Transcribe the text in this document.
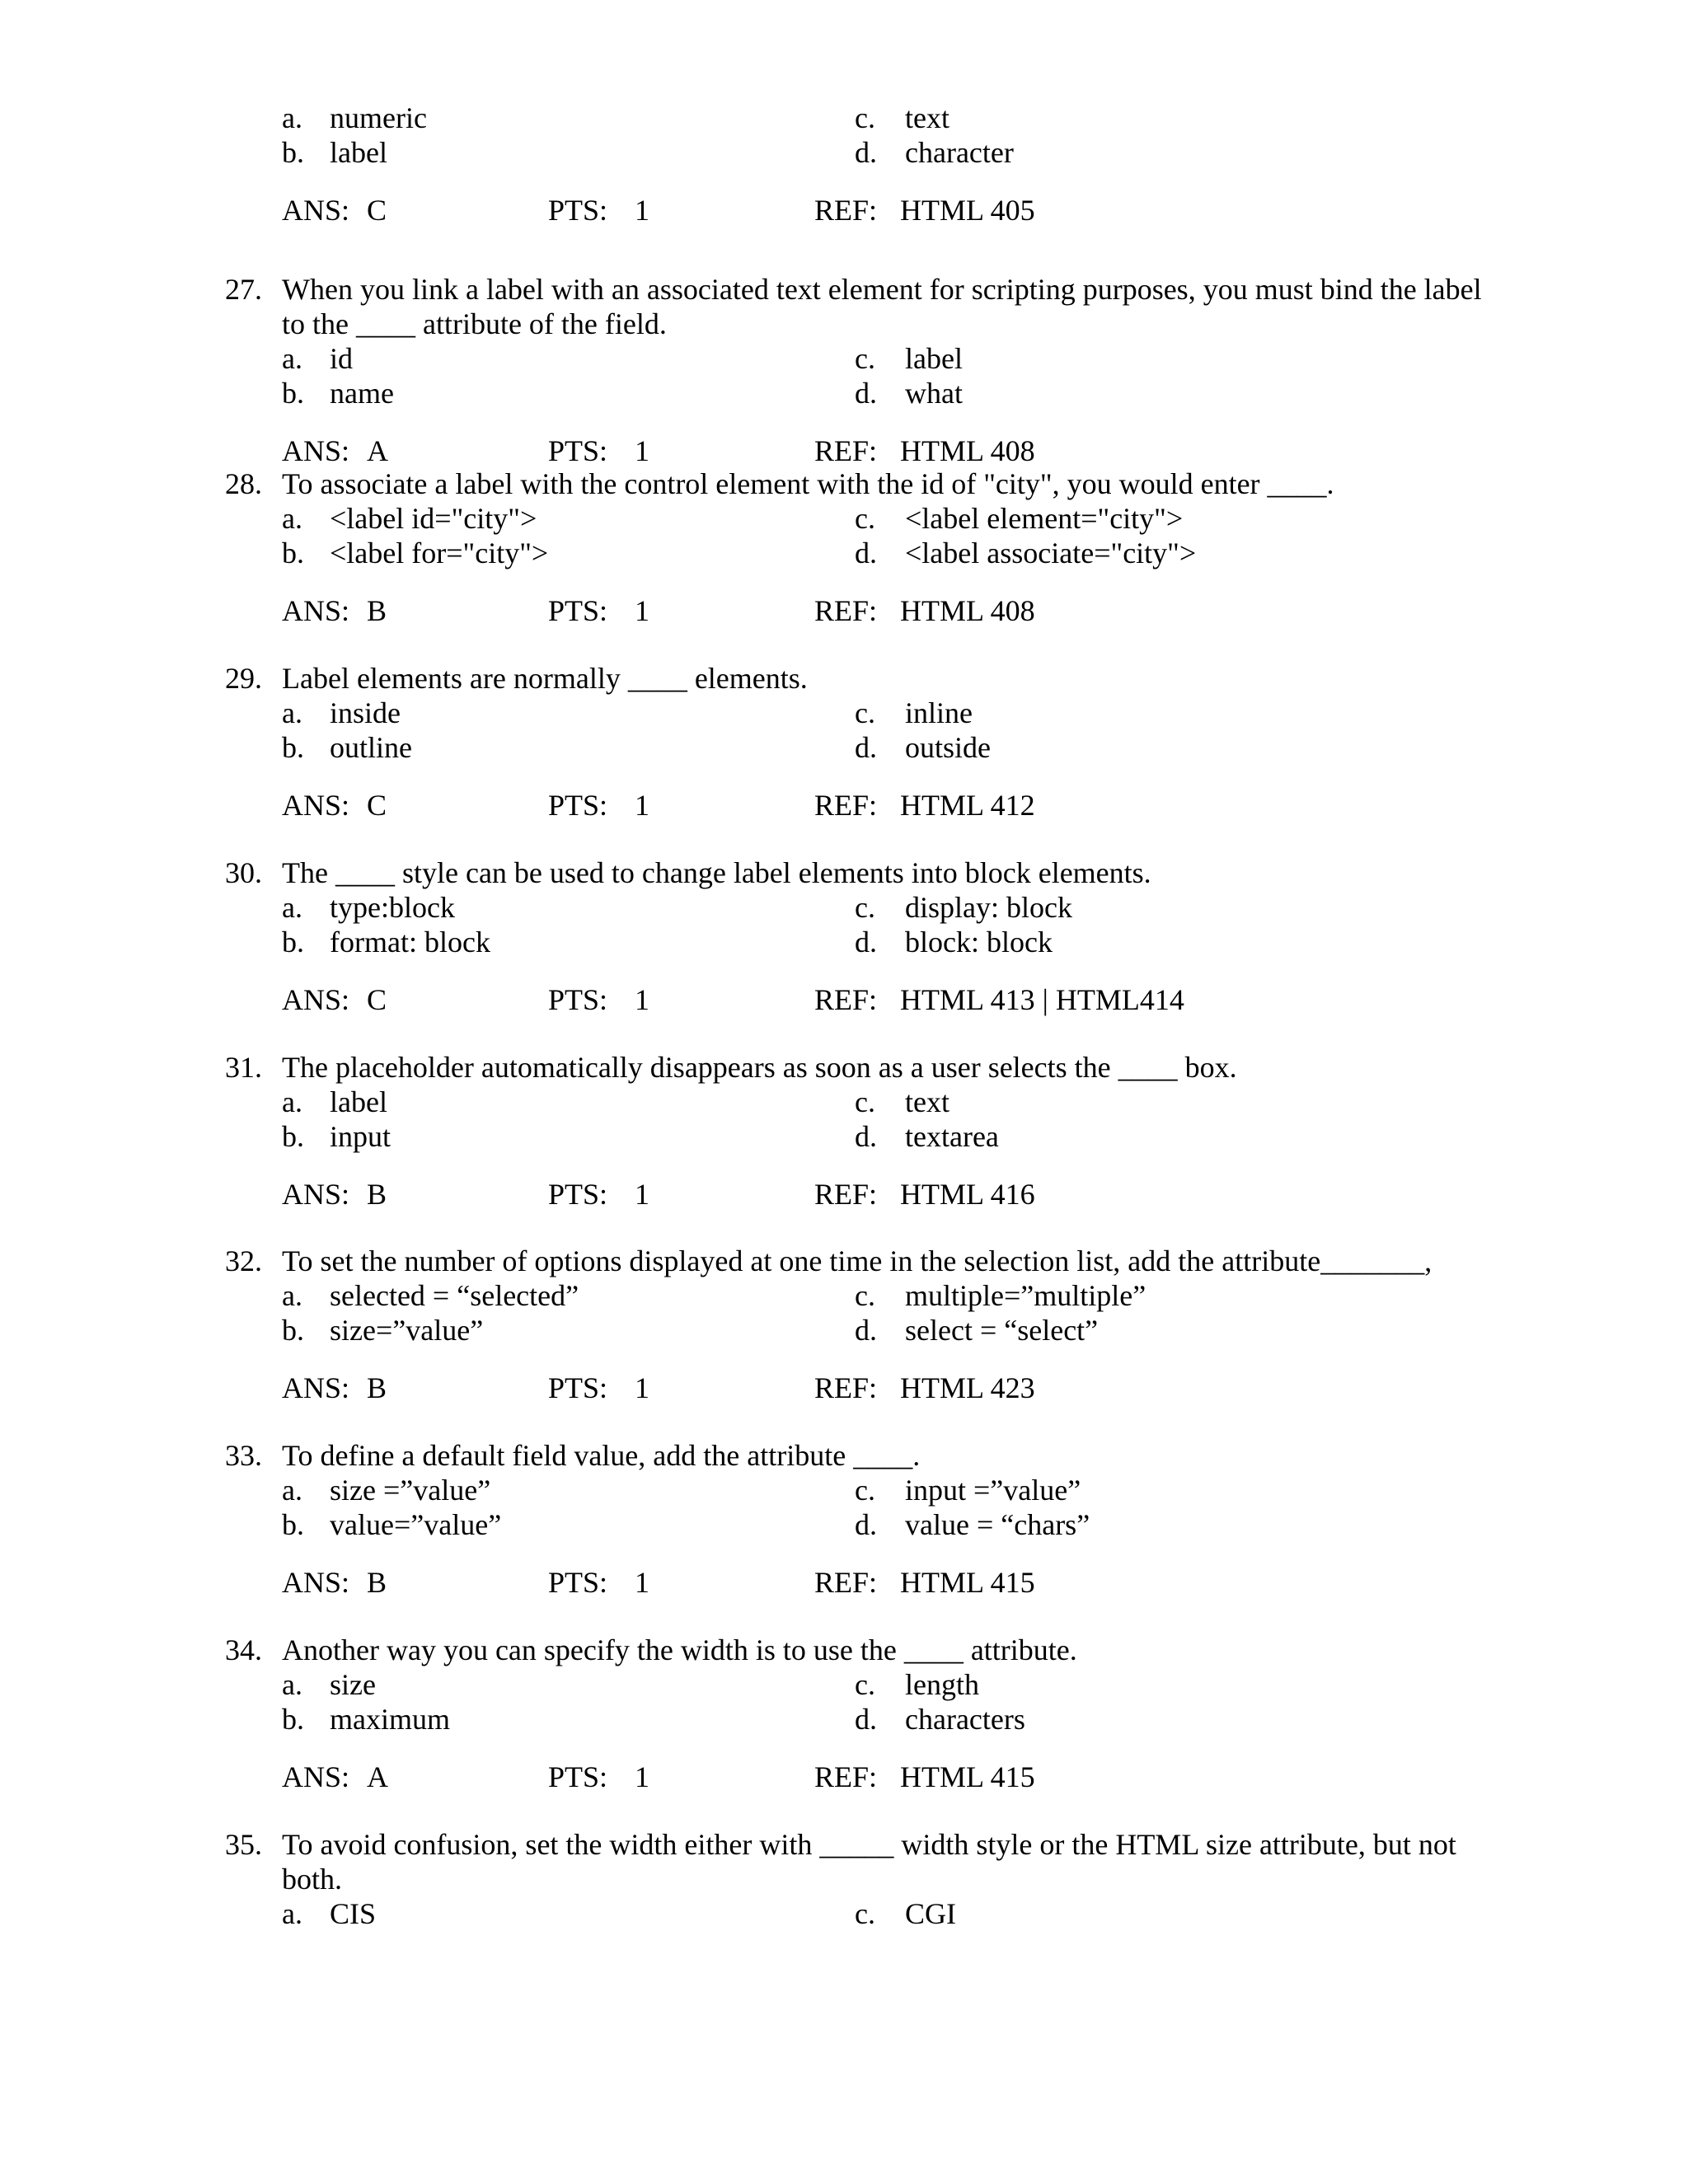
a. numeric	c. text
b. label	d. character
ANS: C	PTS: 1	REF: HTML 405
27. When you link a label with an associated text element for scripting purposes, you must bind the label
to the ____ attribute of the field.
a. id	c. label
b. name	d. what
ANS: A	PTS: 1	REF: HTML 408
28. To associate a label with the control element with the id of "city", you would enter ____.
a. <label id="city">	c. <label element="city">
b. <label for="city">	d. <label associate="city">
ANS: B	PTS: 1	REF: HTML 408
29. Label elements are normally ____ elements.
a. inside	c. inline
b. outline	d. outside
ANS: C	PTS: 1	REF: HTML 412
30. The ____ style can be used to change label elements into block elements.
a. type:block	c. display: block
b. format: block	d. block: block
ANS: C	PTS: 1	REF: HTML 413 | HTML414
31. The placeholder automatically disappears as soon as a user selects the ____ box.
a. label	c. text
b. input	d. textarea
ANS: B	PTS: 1	REF: HTML 416
32. To set the number of options displayed at one time in the selection list, add the attribute_______,
a. selected = “selected”	c. multiple=”multiple”
b. size=”value”	d. select = “select”
ANS: B	PTS: 1	REF: HTML 423
33. To define a default field value, add the attribute ____.
a. size =”value”	c. input =”value”
b. value=”value”	d. value = “chars”
ANS: B	PTS: 1	REF: HTML 415
34. Another way you can specify the width is to use the ____ attribute.
a. size	c. length
b. maximum	d. characters
ANS: A	PTS: 1	REF: HTML 415
35. To avoid confusion, set the width either with _____ width style or the HTML size attribute, but not
both.
a. CIS	c. CGI
